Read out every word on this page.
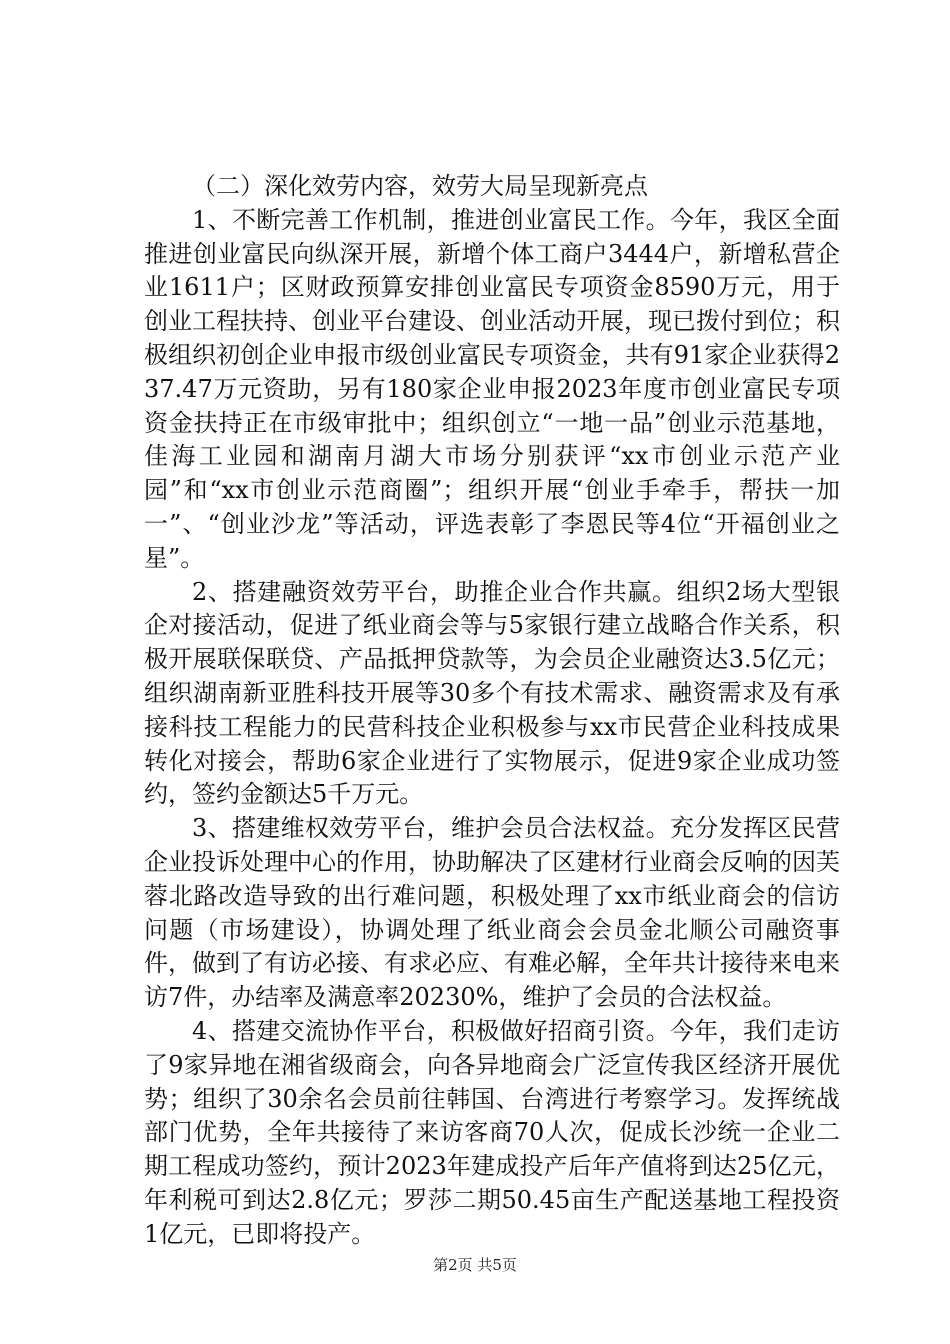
（二）深化效劳内容，效劳大局呈现新亮点

1、不断完善工作机制，推进创业富民工作。今年，我区全面推进创业富民向纵深开展，新增个体工商户3444户，新增私营企业1611户；区财政预算安排创业富民专项资金8590万元，用于创业工程扶持、创业平台建设、创业活动开展，现已拨付到位；积极组织初创企业申报市级创业富民专项资金，共有91家企业获得237.47万元资助，另有180家企业申报2023年度市创业富民专项资金扶持正在市级审批中；组织创立“一地一品”创业示范基地，佳海工业园和湖南月湖大市场分别获评“xx市创业示范产业园”和“xx市创业示范商圈”；组织开展“创业手牵手，帮扶一加一”、“创业沙龙”等活动，评选表彰了李恩民等4位“开福创业之星”。

2、搭建融资效劳平台，助推企业合作共赢。组织2场大型银企对接活动，促进了纸业商会等与5家银行建立战略合作关系，积极开展联保联贷、产品抵押贷款等，为会员企业融资达3.5亿元；组织湖南新亚胜科技开展等30多个有技术需求、融资需求及有承接科技工程能力的民营科技企业积极参与xx市民营企业科技成果转化对接会，帮助6家企业进行了实物展示，促进9家企业成功签约，签约金额达5千万元。

3、搭建维权效劳平台，维护会员合法权益。充分发挥区民营企业投诉处理中心的作用，协助解决了区建材行业商会反响的因芙蓉北路改造导致的出行难问题，积极处理了xx市纸业商会的信访问题（市场建设），协调处理了纸业商会会员金北顺公司融资事件，做到了有访必接、有求必应、有难必解，全年共计接待来电来访7件，办结率及满意率20230%，维护了会员的合法权益。

4、搭建交流协作平台，积极做好招商引资。今年，我们走访了9家异地在湘省级商会，向各异地商会广泛宣传我区经济开展优势；组织了30余名会员前往韩国、台湾进行考察学习。发挥统战部门优势，全年共接待了来访客商70人次，促成长沙统一企业二期工程成功签约，预计2023年建成投产后年产值将到达25亿元，年利税可到达2.8亿元；罗莎二期50.45亩生产配送基地工程投资1亿元，已即将投产。

第2页 共5页
